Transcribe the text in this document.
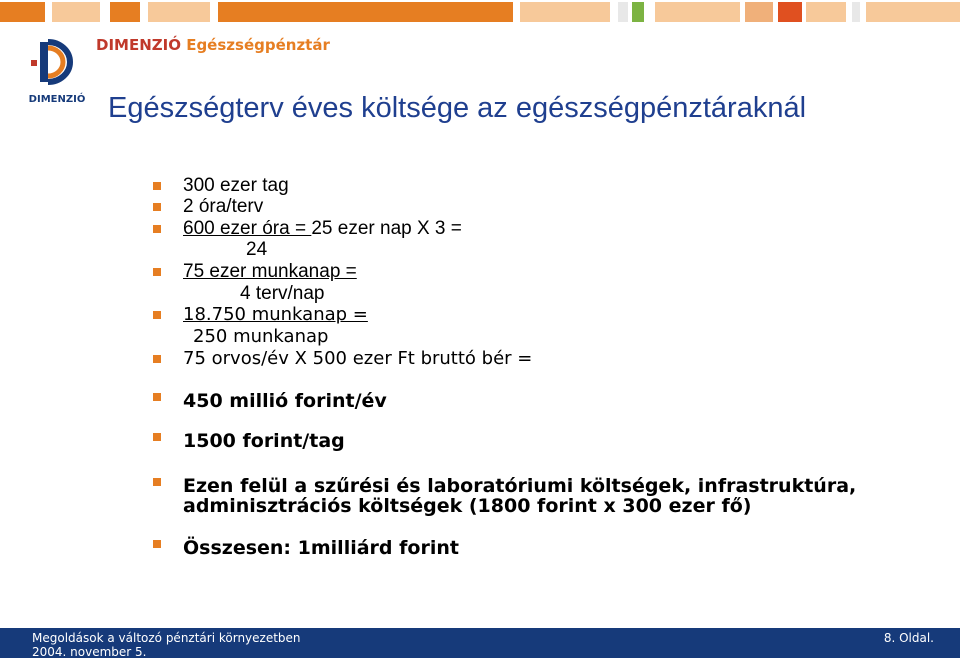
DIMENZIÓ
DIMENZIÓ Egészségpénztár
Egészségterv éves költsége az egészségpénztáraknál
300 ezer tag
2 óra/terv
600 ezer óra = 25 ezer nap X 3 =
24
75 ezer munkanap =
4 terv/nap
18.750 munkanap =
250 munkanap
75 orvos/év X 500 ezer Ft bruttó bér =
450 millió forint/év
1500 forint/tag
Ezen felül a szűrési és laboratóriumi költségek, infrastruktúra,
adminisztrációs költségek (1800 forint x 300 ezer fő)
Összesen: 1milliárd forint
Megoldások a változó pénztári környezetben
2004. november 5.
8. Oldal.
